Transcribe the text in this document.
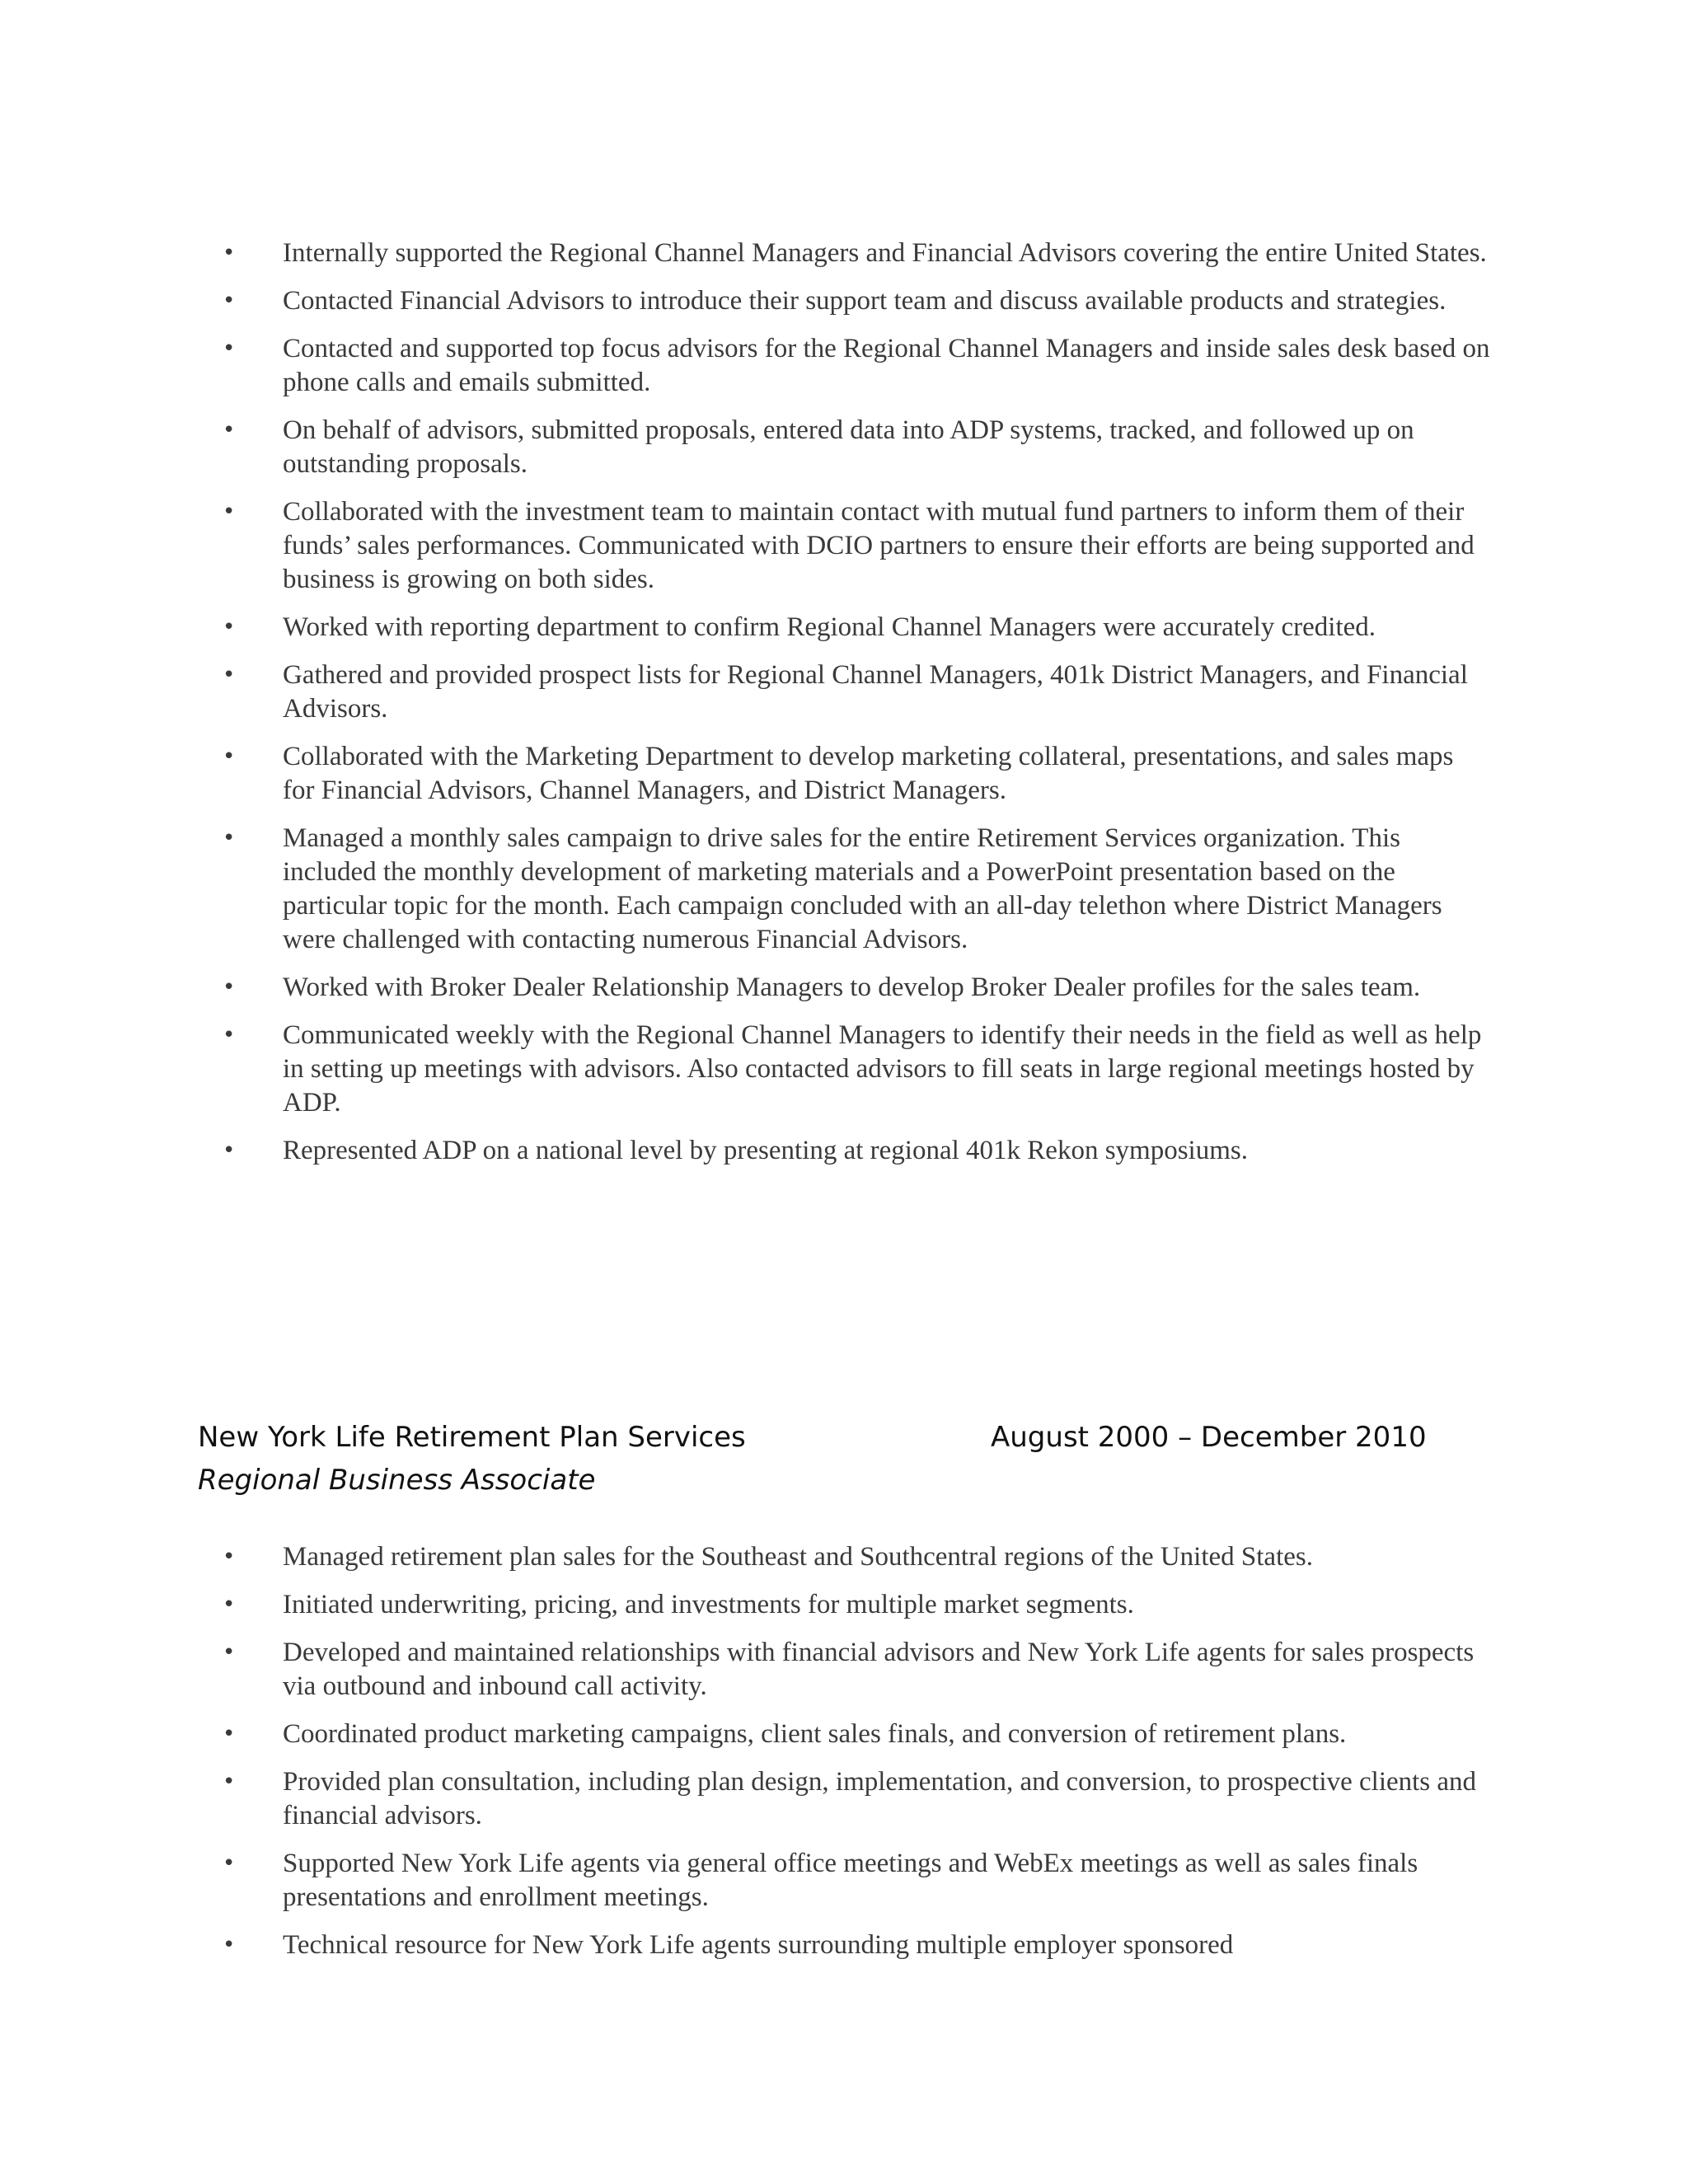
•	Internally supported the Regional Channel Managers and Financial Advisors covering the entire United States.
•	Contacted Financial Advisors to introduce their support team and discuss available products and strategies.
•	Contacted and supported top focus advisors for the Regional Channel Managers and inside sales desk based on phone calls and emails submitted.
•	On behalf of advisors, submitted proposals, entered data into ADP systems, tracked, and followed up on outstanding proposals.
•	Collaborated with the investment team to maintain contact with mutual fund partners to inform them of their funds’ sales performances. Communicated with DCIO partners to ensure their efforts are being supported and business is growing on both sides.
•	Worked with reporting department to confirm Regional Channel Managers were accurately credited.
•	Gathered and provided prospect lists for Regional Channel Managers, 401k District Managers, and Financial Advisors.
•	Collaborated with the Marketing Department to develop marketing collateral, presentations, and sales maps for Financial Advisors, Channel Managers, and District Managers.
•	Managed a monthly sales campaign to drive sales for the entire Retirement Services organization. This included the monthly development of marketing materials and a PowerPoint presentation based on the particular topic for the month. Each campaign concluded with an all-day telethon where District Managers were challenged with contacting numerous Financial Advisors.
•	Worked with Broker Dealer Relationship Managers to develop Broker Dealer profiles for the sales team.
•	Communicated weekly with the Regional Channel Managers to identify their needs in the field as well as help in setting up meetings with advisors. Also contacted advisors to fill seats in large regional meetings hosted by ADP.
•	Represented ADP on a national level by presenting at regional 401k Rekon symposiums.
New York Life Retirement Plan Services	August 2000 – December 2010
Regional Business Associate
•	Managed retirement plan sales for the Southeast and Southcentral regions of the United States.
•	Initiated underwriting, pricing, and investments for multiple market segments.
•	Developed and maintained relationships with financial advisors and New York Life agents for sales prospects via outbound and inbound call activity.
•	Coordinated product marketing campaigns, client sales finals, and conversion of retirement plans.
•	Provided plan consultation, including plan design, implementation, and conversion, to prospective clients and financial advisors.
•	Supported New York Life agents via general office meetings and WebEx meetings as well as sales finals presentations and enrollment meetings.
•	Technical resource for New York Life agents surrounding multiple employer sponsored
